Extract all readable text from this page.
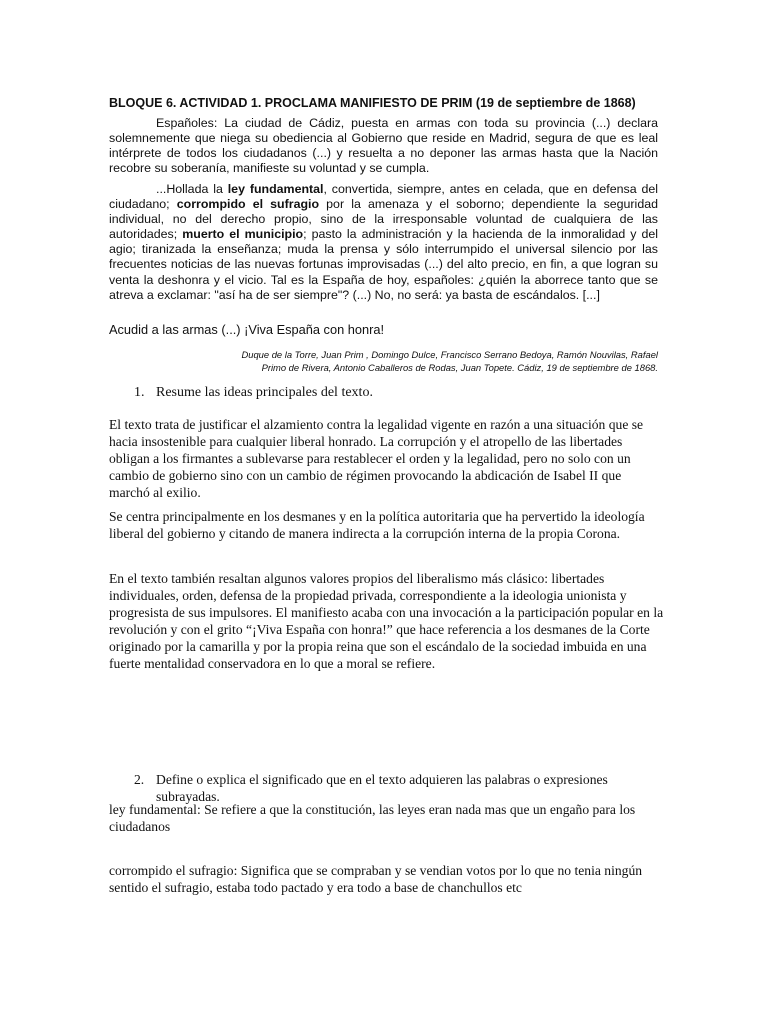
BLOQUE 6. ACTIVIDAD 1. PROCLAMA MANIFIESTO DE PRIM (19 de septiembre de 1868)

Españoles: La ciudad de Cádiz, puesta en armas con toda su provincia (...) declara solemnemente que niega su obediencia al Gobierno que reside en Madrid, segura de que es leal intérprete de todos los ciudadanos (...) y resuelta a no deponer las armas hasta que la Nación recobre su soberanía, manifieste su voluntad y se cumpla.

...Hollada la ley fundamental, convertida, siempre, antes en celada, que en defensa del ciudadano; corrompido el sufragio por la amenaza y el soborno; dependiente la seguridad individual, no del derecho propio, sino de la irresponsable voluntad de cualquiera de las autoridades; muerto el municipio; pasto la administración y la hacienda de la inmoralidad y del agio; tiranizada la enseñanza; muda la prensa y sólo interrumpido el universal silencio por las frecuentes noticias de las nuevas fortunas improvisadas (...) del alto precio, en fin, a que logran su venta la deshonra y el vicio. Tal es la España de hoy, españoles: ¿quién la aborrece tanto que se atreva a exclamar: "así ha de ser siempre"? (...) No, no será: ya basta de escándalos. [...]

Acudid a las armas (...) ¡Viva España con honra!

Duque de la Torre, Juan Prim , Domingo Dulce, Francisco Serrano Bedoya, Ramón Nouvilas, Rafael
Primo de Rivera, Antonio Caballeros de Rodas, Juan Topete. Cádiz, 19 de septiembre de 1868.
1. Resume las ideas principales del texto.

El texto trata de justificar el alzamiento contra la legalidad vigente en razón a una situación que se hacia insostenible para cualquier liberal honrado. La corrupción y el atropello de las libertades obligan a los firmantes a sublevarse para restablecer el orden y la legalidad, pero no solo con un cambio de gobierno sino con un cambio de régimen provocando la abdicación de Isabel II que marchó al exilio.

Se centra principalmente en los desmanes y en la política autoritaria que ha pervertido la ideología liberal del gobierno y citando de manera indirecta a la corrupción interna de la propia Corona.

En el texto también resaltan algunos valores propios del liberalismo más clásico: libertades individuales, orden, defensa de la propiedad privada, correspondiente a la ideologia unionista y progresista de sus impulsores. El manifiesto acaba con una invocación a la participación popular en la revolución y con el grito “¡Viva España con honra!” que hace referencia a los desmanes de la Corte originado por la camarilla y por la propia reina que son el escándalo de la sociedad imbuida en una fuerte mentalidad conservadora en lo que a moral se refiere.

2. Define o explica el significado que en el texto adquieren las palabras o expresiones subrayadas.

ley fundamental: Se refiere a que la constitución, las leyes eran nada mas que un engaño para los ciudadanos

corrompido el sufragio: Significa que se compraban y se vendian votos por lo que no tenia ningún sentido el sufragio, estaba todo pactado y era todo a base de chanchullos etc
